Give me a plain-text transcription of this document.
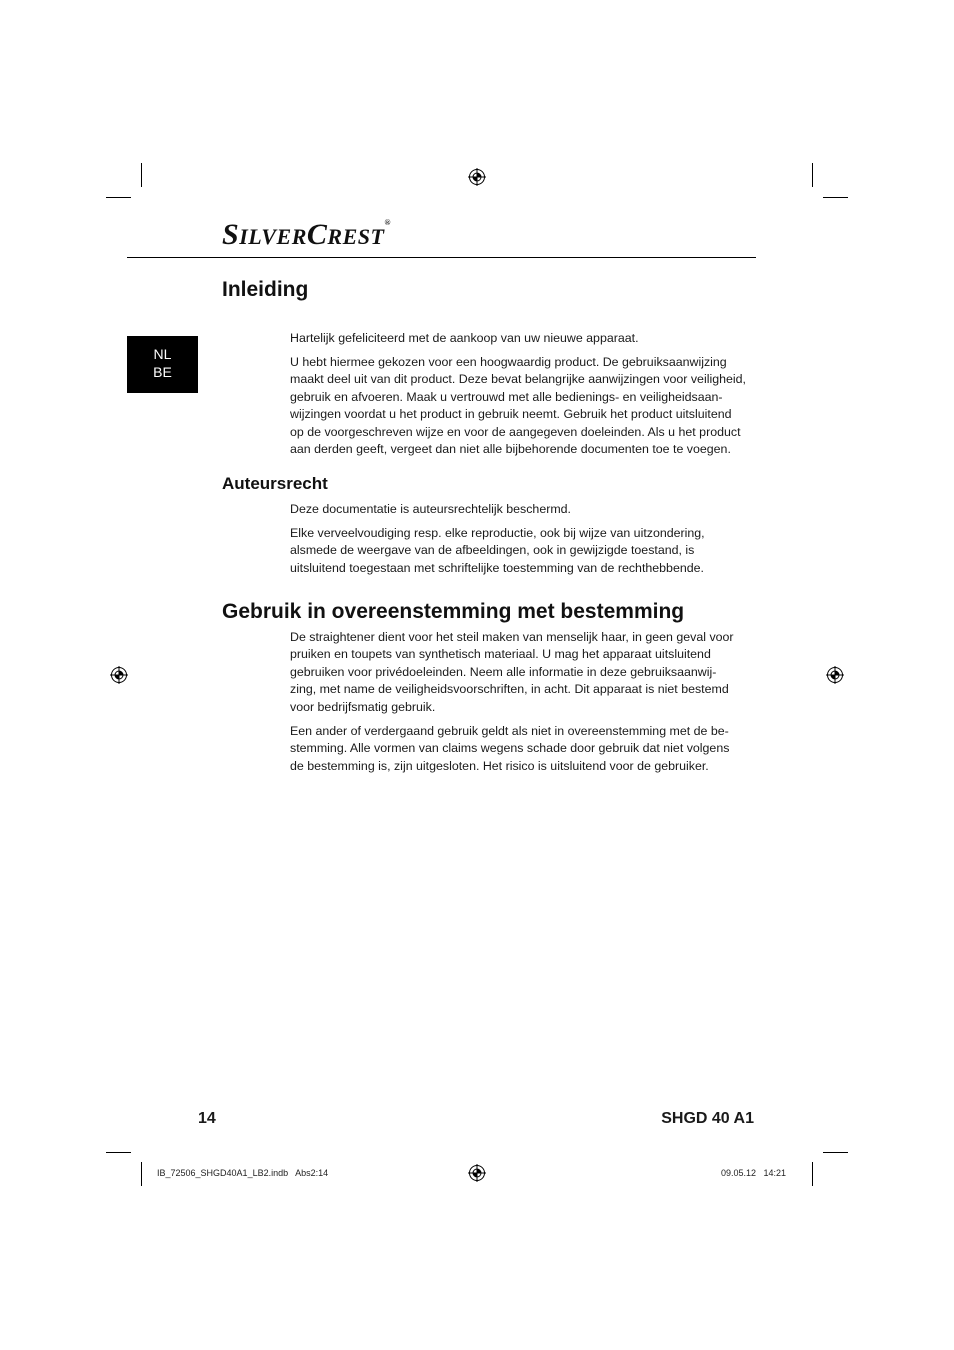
SILVERCREST®
NL
BE
Inleiding

Hartelijk gefeliciteerd met de aankoop van uw nieuwe apparaat.

U hebt hiermee gekozen voor een hoogwaardig product. De gebruiksaanwijzing
maakt deel uit van dit product. Deze bevat belangrijke aanwijzingen voor veiligheid,
gebruik en afvoeren. Maak u vertrouwd met alle bedienings- en veiligheidsaan-
wijzingen voordat u het product in gebruik neemt. Gebruik het product uitsluitend
op de voorgeschreven wijze en voor de aangegeven doeleinden. Als u het product
aan derden geeft, vergeet dan niet alle bijbehorende documenten toe te voegen.

Auteursrecht

Deze documentatie is auteursrechtelijk beschermd.

Elke verveelvoudiging resp. elke reproductie, ook bij wijze van uitzondering,
alsmede de weergave van de afbeeldingen, ook in gewijzigde toestand, is
uitsluitend toegestaan met schriftelijke toestemming van de rechthebbende.

Gebruik in overeenstemming met bestemming

De straightener dient voor het steil maken van menselijk haar, in geen geval voor
pruiken en toupets van synthetisch materiaal. U mag het apparaat uitsluitend
gebruiken voor privédoeleinden. Neem alle informatie in deze gebruiksaanwij-
zing, met name de veiligheidsvoorschriften, in acht. Dit apparaat is niet bestemd
voor bedrijfsmatig gebruik.

Een ander of verdergaand gebruik geldt als niet in overeenstemming met de be-
stemming. Alle vormen van claims wegens schade door gebruik dat niet volgens
de bestemming is, zijn uitgesloten. Het risico is uitsluitend voor de gebruiker.

14	SHGD 40 A1
IB_72506_SHGD40A1_LB2.indb   Abs2:14	09.05.12   14:21
